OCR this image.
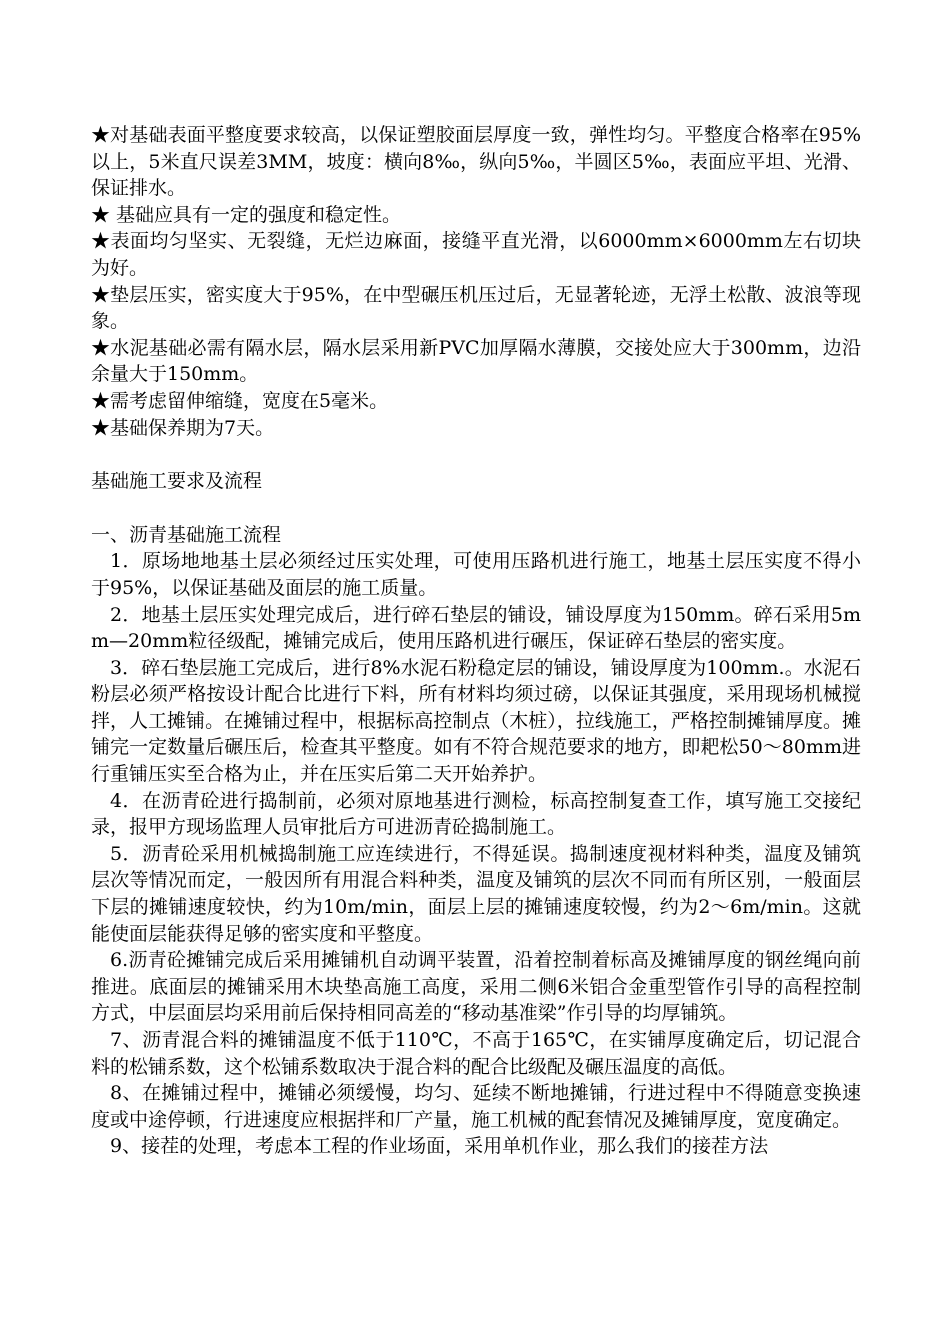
★对基础表面平整度要求较高，以保证塑胶面层厚度一致，弹性均匀。平整度合格率在95%以上，5米直尺误差3MM，坡度：横向8‰，纵向5‰，半圆区5‰，表面应平坦、光滑、保证排水。

★ 基础应具有一定的强度和稳定性。

★表面均匀坚实、无裂缝，无烂边麻面，接缝平直光滑，以6000mm×6000mm左右切块为好。

★垫层压实，密实度大于95%，在中型碾压机压过后，无显著轮迹，无浮土松散、波浪等现象。

★水泥基础必需有隔水层，隔水层采用新PVC加厚隔水薄膜，交接处应大于300mm，边沿余量大于150mm。

★需考虑留伸缩缝，宽度在5毫米。

★基础保养期为7天。

基础施工要求及流程

一、沥青基础施工流程

1．原场地地基土层必须经过压实处理，可使用压路机进行施工，地基土层压实度不得小于95%，以保证基础及面层的施工质量。

2．地基土层压实处理完成后，进行碎石垫层的铺设，铺设厚度为150mm。碎石采用5mm—20mm粒径级配，摊铺完成后，使用压路机进行碾压，保证碎石垫层的密实度。

3．碎石垫层施工完成后，进行8%水泥石粉稳定层的铺设，铺设厚度为100mm.。水泥石粉层必须严格按设计配合比进行下料，所有材料均须过磅，以保证其强度，采用现场机械搅拌，人工摊铺。在摊铺过程中，根据标高控制点（木桩），拉线施工，严格控制摊铺厚度。摊铺完一定数量后碾压后，检查其平整度。如有不符合规范要求的地方，即耙松50～80mm进行重铺压实至合格为止，并在压实后第二天开始养护。

4．在沥青砼进行捣制前，必须对原地基进行测检，标高控制复查工作，填写施工交接纪录，报甲方现场监理人员审批后方可进沥青砼捣制施工。

5．沥青砼采用机械捣制施工应连续进行，不得延误。捣制速度视材料种类，温度及铺筑层次等情况而定，一般因所有用混合料种类，温度及铺筑的层次不同而有所区别，一般面层下层的摊铺速度较快，约为10m/min，面层上层的摊铺速度较慢，约为2～6m/min。这就能使面层能获得足够的密实度和平整度。

6.沥青砼摊铺完成后采用摊铺机自动调平装置，沿着控制着标高及摊铺厚度的钢丝绳向前推进。底面层的摊铺采用木块垫高施工高度，采用二侧6米铝合金重型管作引导的高程控制方式，中层面层均采用前后保持相同高差的“移动基准梁”作引导的均厚铺筑。

7、沥青混合料的摊铺温度不低于110℃，不高于165℃，在实铺厚度确定后，切记混合料的松铺系数，这个松铺系数取决于混合料的配合比级配及碾压温度的高低。

8、在摊铺过程中，摊铺必须缓慢，均匀、延续不断地摊铺，行进过程中不得随意变换速度或中途停顿，行进速度应根据拌和厂产量，施工机械的配套情况及摊铺厚度，宽度确定。

9、接茬的处理，考虑本工程的作业场面，采用单机作业，那么我们的接茬方法
